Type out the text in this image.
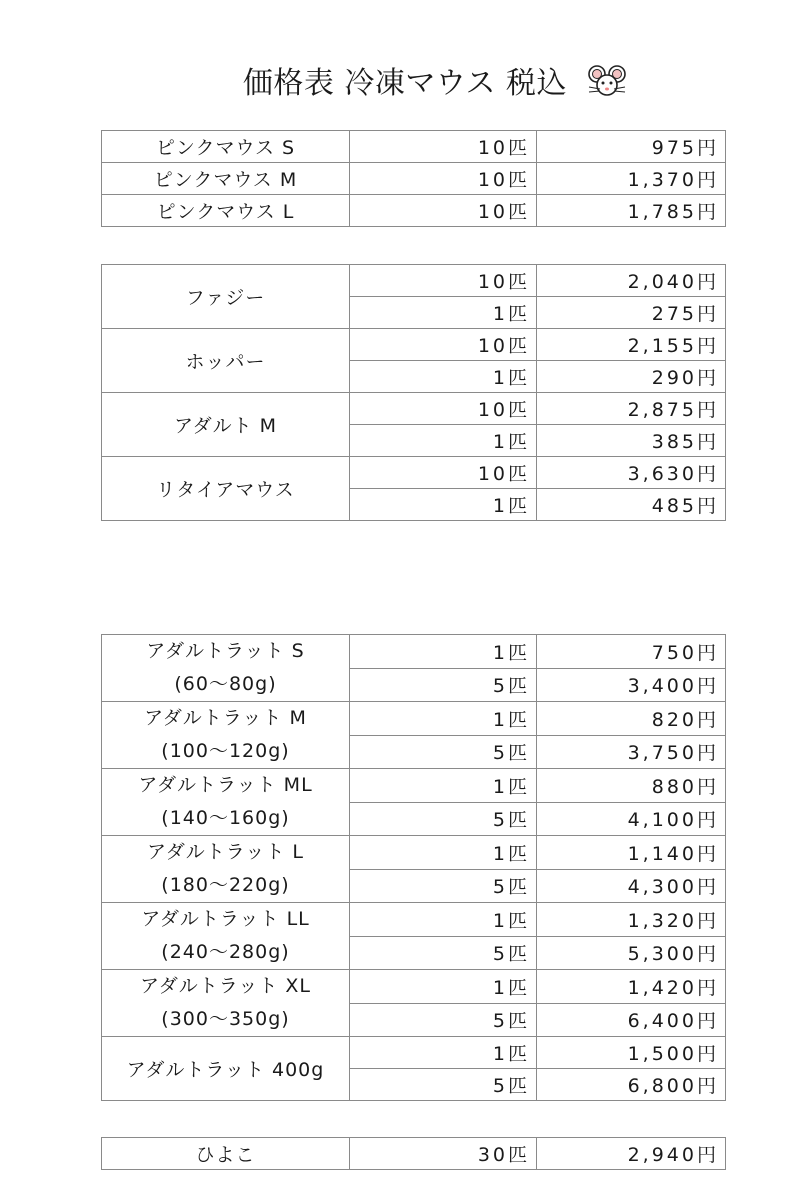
価格表 冷凍マウス 税込
ピンクマウス S	10匹	975円
ピンクマウス M	10匹	1,370円
ピンクマウス L	10匹	1,785円
ファジー	10匹	2,040円
	1匹	275円
ホッパー	10匹	2,155円
	1匹	290円
アダルト M	10匹	2,875円
	1匹	385円
リタイアマウス	10匹	3,630円
	1匹	485円
アダルトラット S
(60〜80g)	1匹	750円
	5匹	3,400円

アダルトラット M
(100〜120g)	1匹	820円
	5匹	3,750円

アダルトラット ML
(140〜160g)	1匹	880円
	5匹	4,100円

アダルトラット L
(180〜220g)	1匹	1,140円
	5匹	4,300円

アダルトラット LL
(240〜280g)	1匹	1,320円
	5匹	5,300円

アダルトラット XL
(300〜350g)	1匹	1,420円
	5匹	6,400円
アダルトラット 400g	1匹	1,500円
	5匹	6,800円
ひよこ	30匹	2,940円
